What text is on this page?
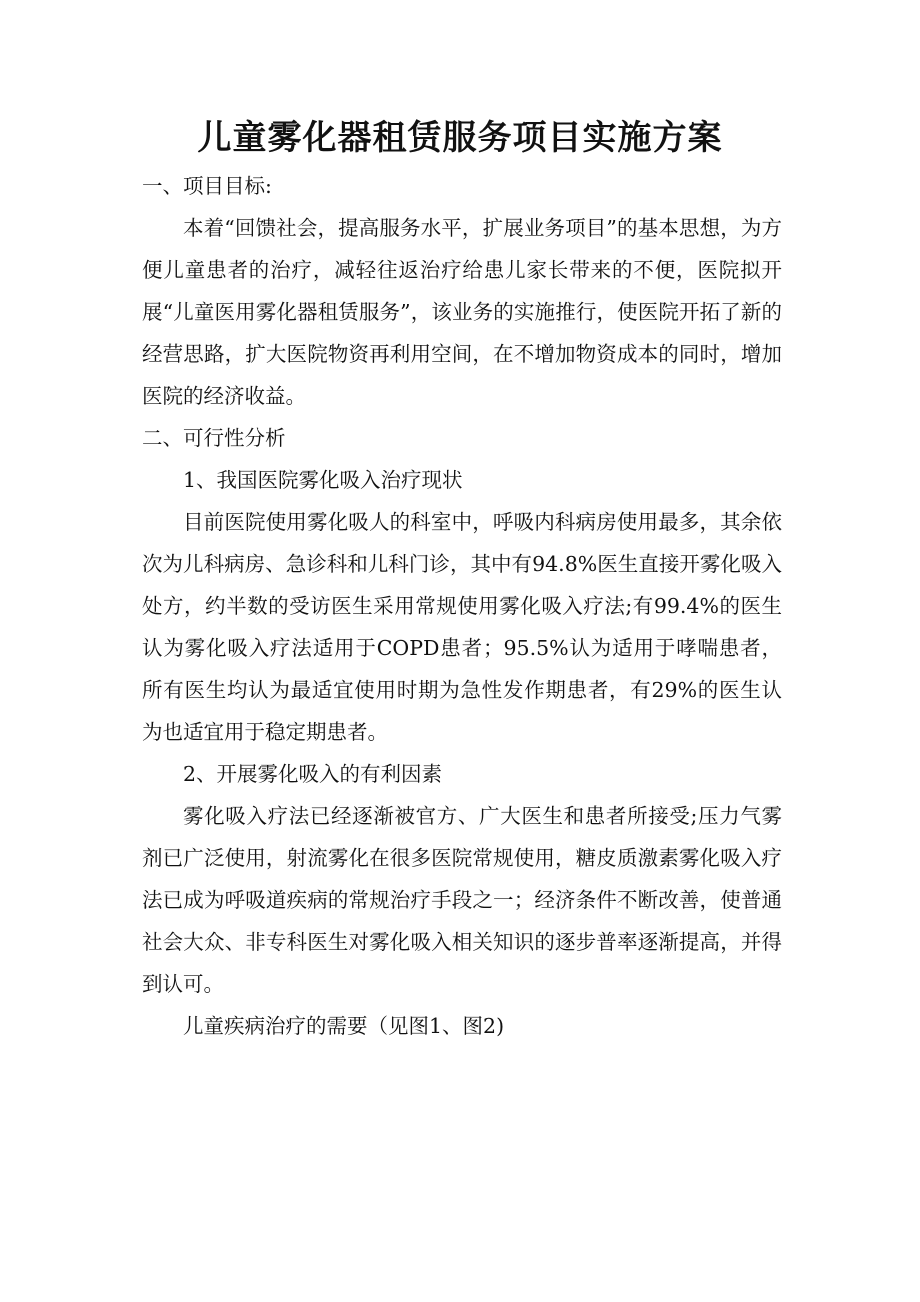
儿童雾化器租赁服务项目实施方案

一、项目目标:

本着“回馈社会，提高服务水平，扩展业务项目”的基本思想，为方便儿童患者的治疗，减轻往返治疗给患儿家长带来的不便，医院拟开展“儿童医用雾化器租赁服务”，该业务的实施推行，使医院开拓了新的经营思路，扩大医院物资再利用空间，在不增加物资成本的同时，增加医院的经济收益。

二、可行性分析

1、我国医院雾化吸入治疗现状

目前医院使用雾化吸人的科室中，呼吸内科病房使用最多，其余依次为儿科病房、急诊科和儿科门诊，其中有94.8%医生直接开雾化吸入处方，约半数的受访医生采用常规使用雾化吸入疗法;有99.4%的医生认为雾化吸入疗法适用于COPD患者；95.5%认为适用于哮喘患者，所有医生均认为最适宜使用时期为急性发作期患者，有29%的医生认为也适宜用于稳定期患者。

2、开展雾化吸入的有利因素

雾化吸入疗法已经逐渐被官方、广大医生和患者所接受;压力气雾剂已广泛使用，射流雾化在很多医院常规使用，糖皮质激素雾化吸入疗法已成为呼吸道疾病的常规治疗手段之一；经济条件不断改善，使普通社会大众、非专科医生对雾化吸入相关知识的逐步普率逐渐提高，并得到认可。

儿童疾病治疗的需要（见图1、图2)
